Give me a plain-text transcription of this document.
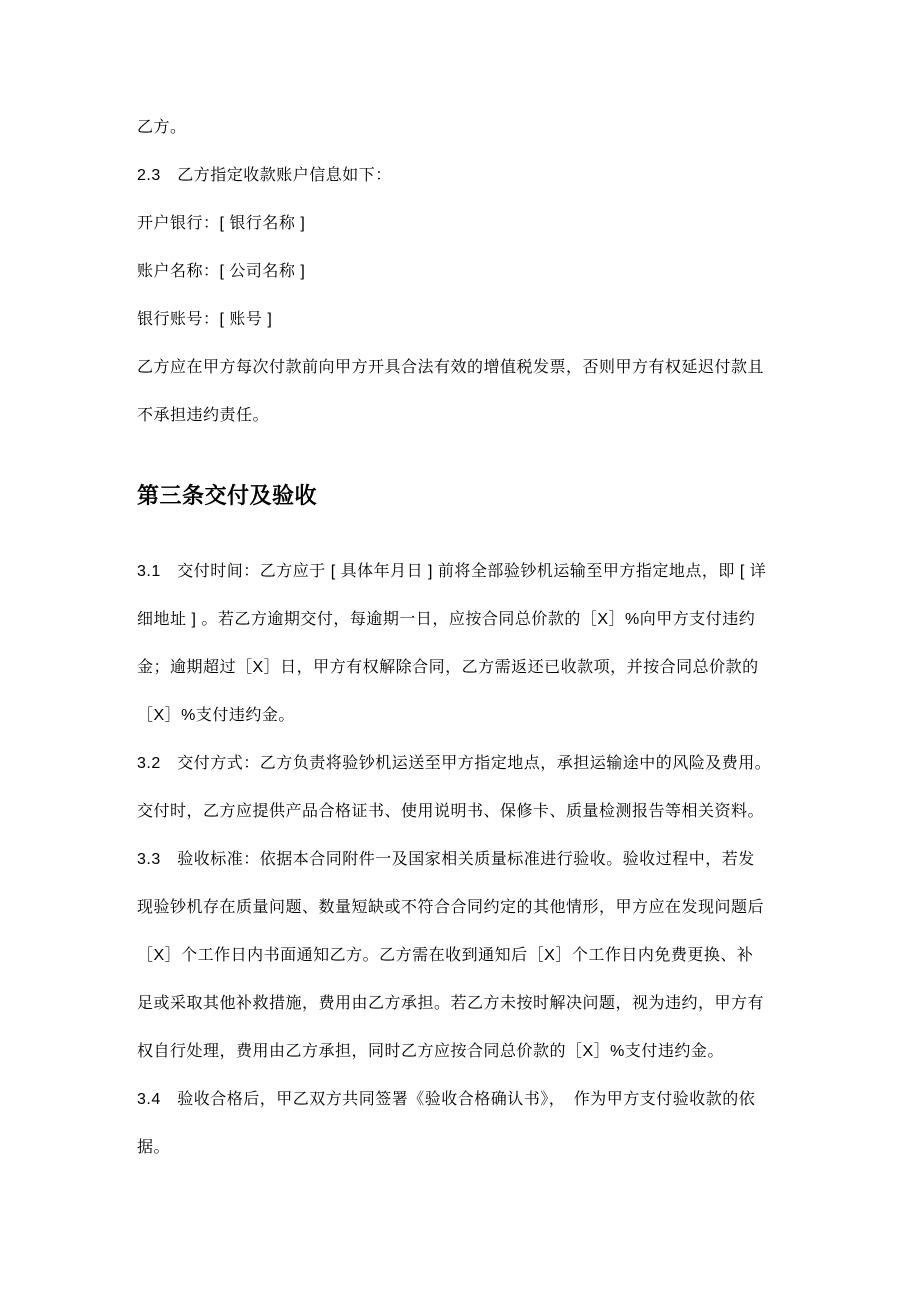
乙方。
2.3　乙方指定收款账户信息如下：
开户银行：[ 银行名称 ]
账户名称：[ 公司名称 ]
银行账号：[ 账号 ]
乙方应在甲方每次付款前向甲方开具合法有效的增值税发票，否则甲方有权延迟付款且
不承担违约责任。
第三条交付及验收
3.1　交付时间：乙方应于 [ 具体年月日 ] 前将全部验钞机运输至甲方指定地点，即 [ 详
细地址 ] 。若乙方逾期交付，每逾期一日，应按合同总价款的［X］%向甲方支付违约
金；逾期超过［X］日，甲方有权解除合同，乙方需返还已收款项，并按合同总价款的
［X］%支付违约金。
3.2　交付方式：乙方负责将验钞机运送至甲方指定地点，承担运输途中的风险及费用。
交付时，乙方应提供产品合格证书、使用说明书、保修卡、质量检测报告等相关资料。
3.3　验收标准：依据本合同附件一及国家相关质量标准进行验收。验收过程中，若发
现验钞机存在质量问题、数量短缺或不符合合同约定的其他情形，甲方应在发现问题后
［X］个工作日内书面通知乙方。乙方需在收到通知后［X］个工作日内免费更换、补
足或采取其他补救措施，费用由乙方承担。若乙方未按时解决问题，视为违约，甲方有
权自行处理，费用由乙方承担，同时乙方应按合同总价款的［X］%支付违约金。
3.4　验收合格后，甲乙双方共同签署《验收合格确认书》，　作为甲方支付验收款的依
据。
